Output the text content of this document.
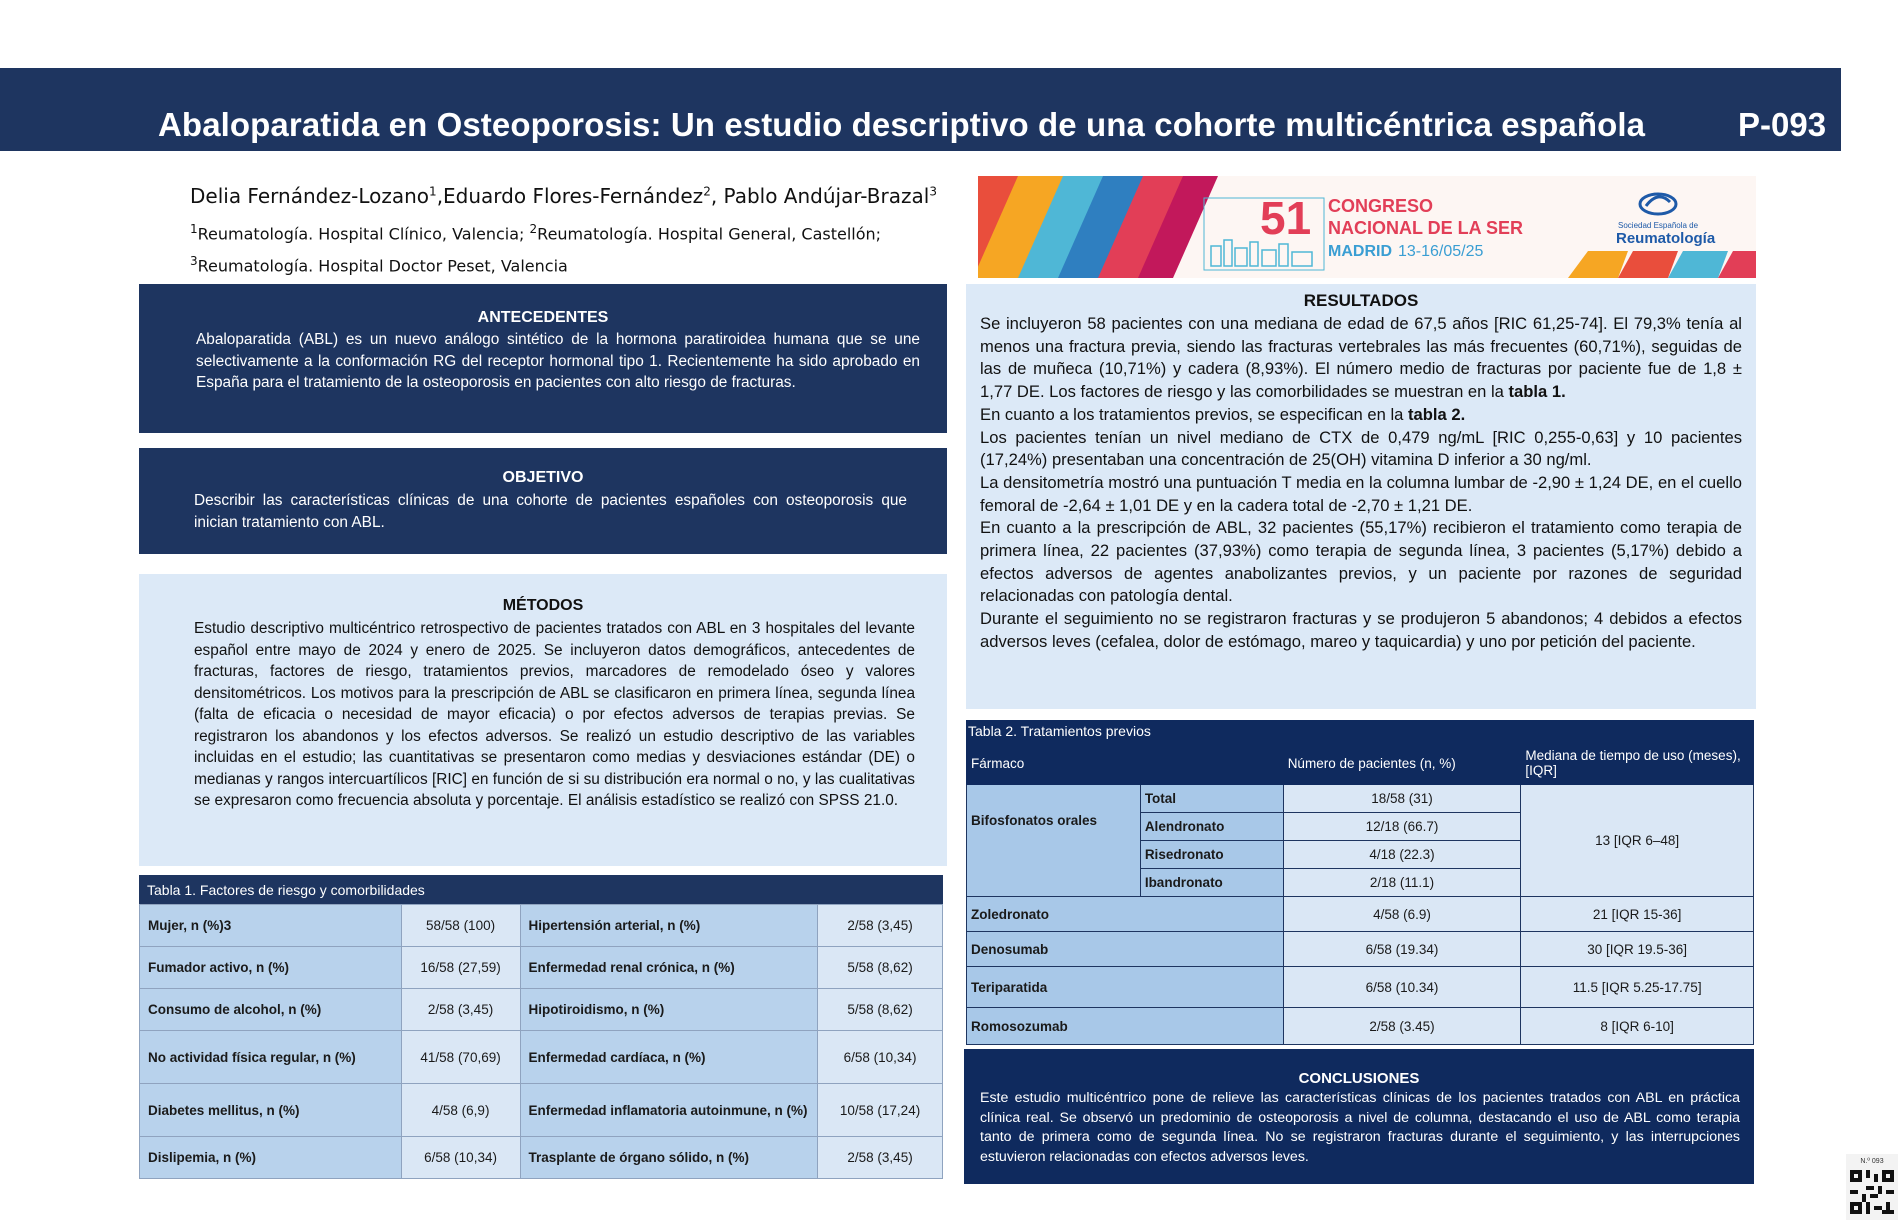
Abaloparatida en Osteoporosis: Un estudio descriptivo de una cohorte multicéntrica española	P-093
Delia Fernández-Lozano$^1$,Eduardo Flores-Fernández$^2$, Pablo Andújar-Brazal$^3$
$^1$Reumatología. Hospital Clínico, Valencia; $^2$Reumatología. Hospital General, Castellón;
$^3$Reumatología. Hospital Doctor Peset, Valencia
51 CONGRESO
NACIONAL DE LA SER
MADRID 13-16/05/25
Sociedad Española de
Reumatología
ANTECEDENTES
Abaloparatida (ABL) es un nuevo análogo sintético de la hormona paratiroidea humana que se une selectivamente a la conformación RG del receptor hormonal tipo 1. Recientemente ha sido aprobado en España para el tratamiento de la osteoporosis en pacientes con alto riesgo de fracturas.
OBJETIVO
Describir las características clínicas de una cohorte de pacientes españoles con osteoporosis que inician tratamiento con ABL.
MÉTODOS
Estudio descriptivo multicéntrico retrospectivo de pacientes tratados con ABL en 3 hospitales del levante español entre mayo de 2024 y enero de 2025. Se incluyeron datos demográficos, antecedentes de fracturas, factores de riesgo, tratamientos previos, marcadores de remodelado óseo y valores densitométricos. Los motivos para la prescripción de ABL se clasificaron en primera línea, segunda línea (falta de eficacia o necesidad de mayor eficacia) o por efectos adversos de terapias previas. Se registraron los abandonos y los efectos adversos. Se realizó un estudio descriptivo de las variables incluidas en el estudio; las cuantitativas se presentaron como medias y desviaciones estándar (DE) o medianas y rangos intercuartílicos [RIC] en función de si su distribución era normal o no, y las cualitativas se expresaron como frecuencia absoluta y porcentaje. El análisis estadístico se realizó con SPSS 21.0.
Tabla 1. Factores de riesgo y comorbilidades
Mujer, n (%)3	58/58 (100)	Hipertensión arterial, n (%)	2/58 (3,45)
Fumador activo, n (%)	16/58 (27,59)	Enfermedad renal crónica, n (%)	5/58 (8,62)
Consumo de alcohol, n (%)	2/58 (3,45)	Hipotiroidismo, n (%)	5/58 (8,62)
No actividad física regular, n (%)	41/58 (70,69)	Enfermedad cardíaca, n (%)	6/58 (10,34)
Diabetes mellitus, n (%)	4/58 (6,9)	Enfermedad inflamatoria autoinmune, n (%)	10/58 (17,24)
Dislipemia, n (%)	6/58 (10,34)	Trasplante de órgano sólido, n (%)	2/58 (3,45)
RESULTADOS

Se incluyeron 58 pacientes con una mediana de edad de 67,5 años [RIC 61,25-74]. El 79,3% tenía al menos una fractura previa, siendo las fracturas vertebrales las más frecuentes (60,71%), seguidas de las de muñeca (10,71%) y cadera (8,93%). El número medio de fracturas por paciente fue de 1,8 ± 1,77 DE. Los factores de riesgo y las comorbilidades se muestran en la tabla 1.

En cuanto a los tratamientos previos, se especifican en la tabla 2.

Los pacientes tenían un nivel mediano de CTX de 0,479 ng/mL [RIC 0,255-0,63] y 10 pacientes (17,24%) presentaban una concentración de 25(OH) vitamina D inferior a 30 ng/ml.

La densitometría mostró una puntuación T media en la columna lumbar de -2,90 ± 1,24 DE, en el cuello femoral de -2,64 ± 1,01 DE y en la cadera total de -2,70 ± 1,21 DE.

En cuanto a la prescripción de ABL, 32 pacientes (55,17%) recibieron el tratamiento como terapia de primera línea, 22 pacientes (37,93%) como terapia de segunda línea, 3 pacientes (5,17%) debido a efectos adversos de agentes anabolizantes previos, y un paciente por razones de seguridad relacionadas con patología dental.

Durante el seguimiento no se registraron fracturas y se produjeron 5 abandonos; 4 debidos a efectos adversos leves (cefalea, dolor de estómago, mareo y taquicardia) y uno por petición del paciente.

Tabla 2. Tratamientos previos
Fármaco		Número de pacientes (n, %)	Mediana de tiempo de uso (meses), [IQR]
Bifosfonatos orales	Total	18/58 (31)	13 [IQR 6–48]
	Alendronato	12/18 (66.7)	
	Risedronato	4/18 (22.3)	
	Ibandronato	2/18 (11.1)	
Zoledronato		4/58 (6.9)	21 [IQR 15-36]
Denosumab		6/58 (19.34)	30 [IQR 19.5-36]
Teriparatida		6/58 (10.34)	11.5 [IQR 5.25-17.75]
Romosozumab		2/58 (3.45)	8 [IQR 6-10]
CONCLUSIONES
Este estudio multicéntrico pone de relieve las características clínicas de los pacientes tratados con ABL en práctica clínica real. Se observó un predominio de osteoporosis a nivel de columna, destacando el uso de ABL como terapia tanto de primera como de segunda línea. No se registraron fracturas durante el seguimiento, y las interrupciones estuvieron relacionadas con efectos adversos leves.	N.º 093
